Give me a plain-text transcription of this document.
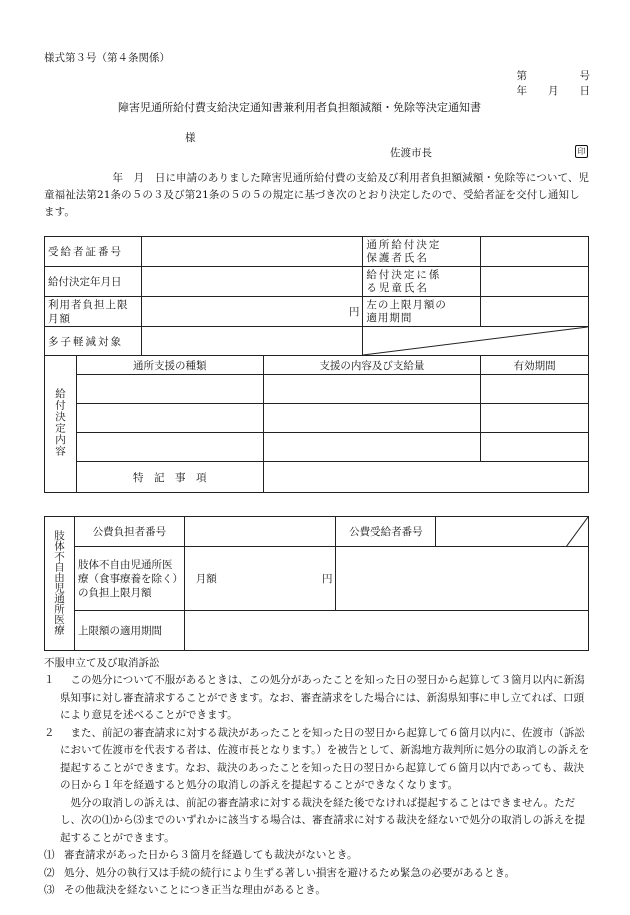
様式第３号（第４条関係）
第　　　　　号
年　　月　　日
障害児通所給付費支給決定通知書兼利用者負担額減額・免除等決定通知書
様
佐渡市長	印
　　年　月　日に申請のありました障害児通所給付費の支給及び利用者負担額減額・免除等について、児童福祉法第21条の５の３及び第21条の５の５の規定に基づき次のとおり決定したので、受給者証を交付し通知します。
受給者証番号				通所給付決定保護者氏名	

給付決定年月日				給付決定に係る児童氏名	

利用者負担上限月額		円		左の上限月額の適用期間	

多子軽減対象		

給付決定内容	通所支援の種類		支援の内容及び支給量		有効期間

	特　記　事　項				
肢体不自由児通所医療	公費負担者番号		公費受給者番号	

	肢体不自由児通所医療（食事療養を除く）の負担上限月額	月額 円		

	上限額の適用期間			
不服申立て及び取消訴訟
１	この処分について不服があるときは、この処分があったことを知った日の翌日から起算して３箇月以内に新潟県知事に対し審査請求することができます。なお、審査請求をした場合には、新潟県知事に申し立てれば、口頭により意見を述べることができます。
２	また、前記の審査請求に対する裁決があったことを知った日の翌日から起算して６箇月以内に、佐渡市（訴訟において佐渡市を代表する者は、佐渡市長となります。）を被告として、新潟地方裁判所に処分の取消しの訴えを提起することができます。なお、裁決のあったことを知った日の翌日から起算して６箇月以内であっても、裁決の日から１年を経過すると処分の取消しの訴えを提起することができなくなります。
　処分の取消しの訴えは、前記の審査請求に対する裁決を経た後でなければ提起することはできません。ただし、次の⑴から⑶までのいずれかに該当する場合は、審査請求に対する裁決を経ないで処分の取消しの訴えを提起することができます。
⑴ 審査請求があった日から３箇月を経過しても裁決がないとき。
⑵ 処分、処分の執行又は手続の続行により生ずる著しい損害を避けるため緊急の必要があるとき。
⑶ その他裁決を経ないことにつき正当な理由があるとき。
